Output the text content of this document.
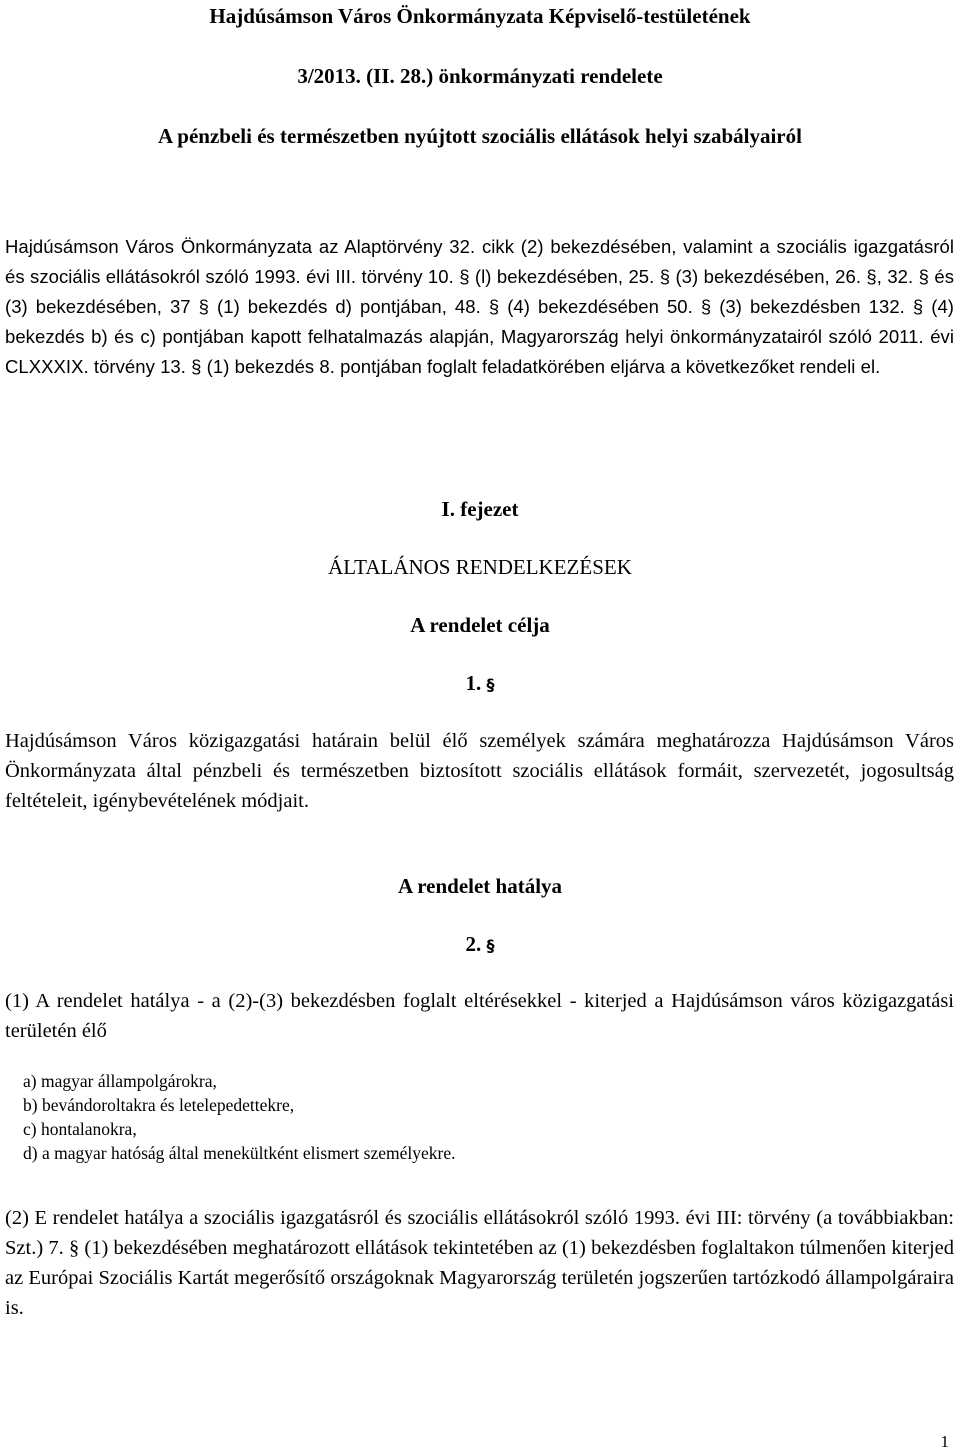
Hajdúsámson Város Önkormányzata Képviselő-testületének

3/2013. (II. 28.) önkormányzati rendelete

A pénzbeli és természetben nyújtott szociális ellátások helyi szabályairól

Hajdúsámson Város Önkormányzata az Alaptörvény 32. cikk (2) bekezdésében, valamint a szociális igazgatásról és szociális ellátásokról szóló 1993. évi III. törvény 10. § (l) bekezdésében, 25. § (3) bekezdésében, 26. §, 32. § és (3) bekezdésében, 37 § (1) bekezdés d) pontjában, 48. § (4) bekezdésében 50. § (3) bekezdésben 132. § (4) bekezdés b) és c) pontjában kapott felhatalmazás alapján, Magyarország helyi önkormányzatairól szóló 2011. évi CLXXXIX. törvény 13. § (1) bekezdés 8. pontjában foglalt feladatkörében eljárva a következőket rendeli el.

I. fejezet

ÁLTALÁNOS RENDELKEZÉSEK

A rendelet célja

1. §

Hajdúsámson Város közigazgatási határain belül élő személyek számára meghatározza Hajdúsámson Város Önkormányzata által pénzbeli és természetben biztosított szociális ellátások formáit, szervezetét, jogosultság feltételeit, igénybevételének módjait.

A rendelet hatálya

2. §

(1) A rendelet hatálya - a (2)-(3) bekezdésben foglalt eltérésekkel - kiterjed a Hajdúsámson város közigazgatási területén élő

a) magyar állampolgárokra,
b) bevándoroltakra és letelepedettekre,
c) hontalanokra,
d) a magyar hatóság által menekültként elismert személyekre.

(2) E rendelet hatálya a szociális igazgatásról és szociális ellátásokról szóló 1993. évi III: törvény (a továbbiakban: Szt.) 7. § (1) bekezdésében meghatározott ellátások tekintetében az (1) bekezdésben foglaltakon túlmenően kiterjed az Európai Szociális Kartát megerősítő országoknak Magyarország területén jogszerűen tartózkodó állampolgáraira is.

1
